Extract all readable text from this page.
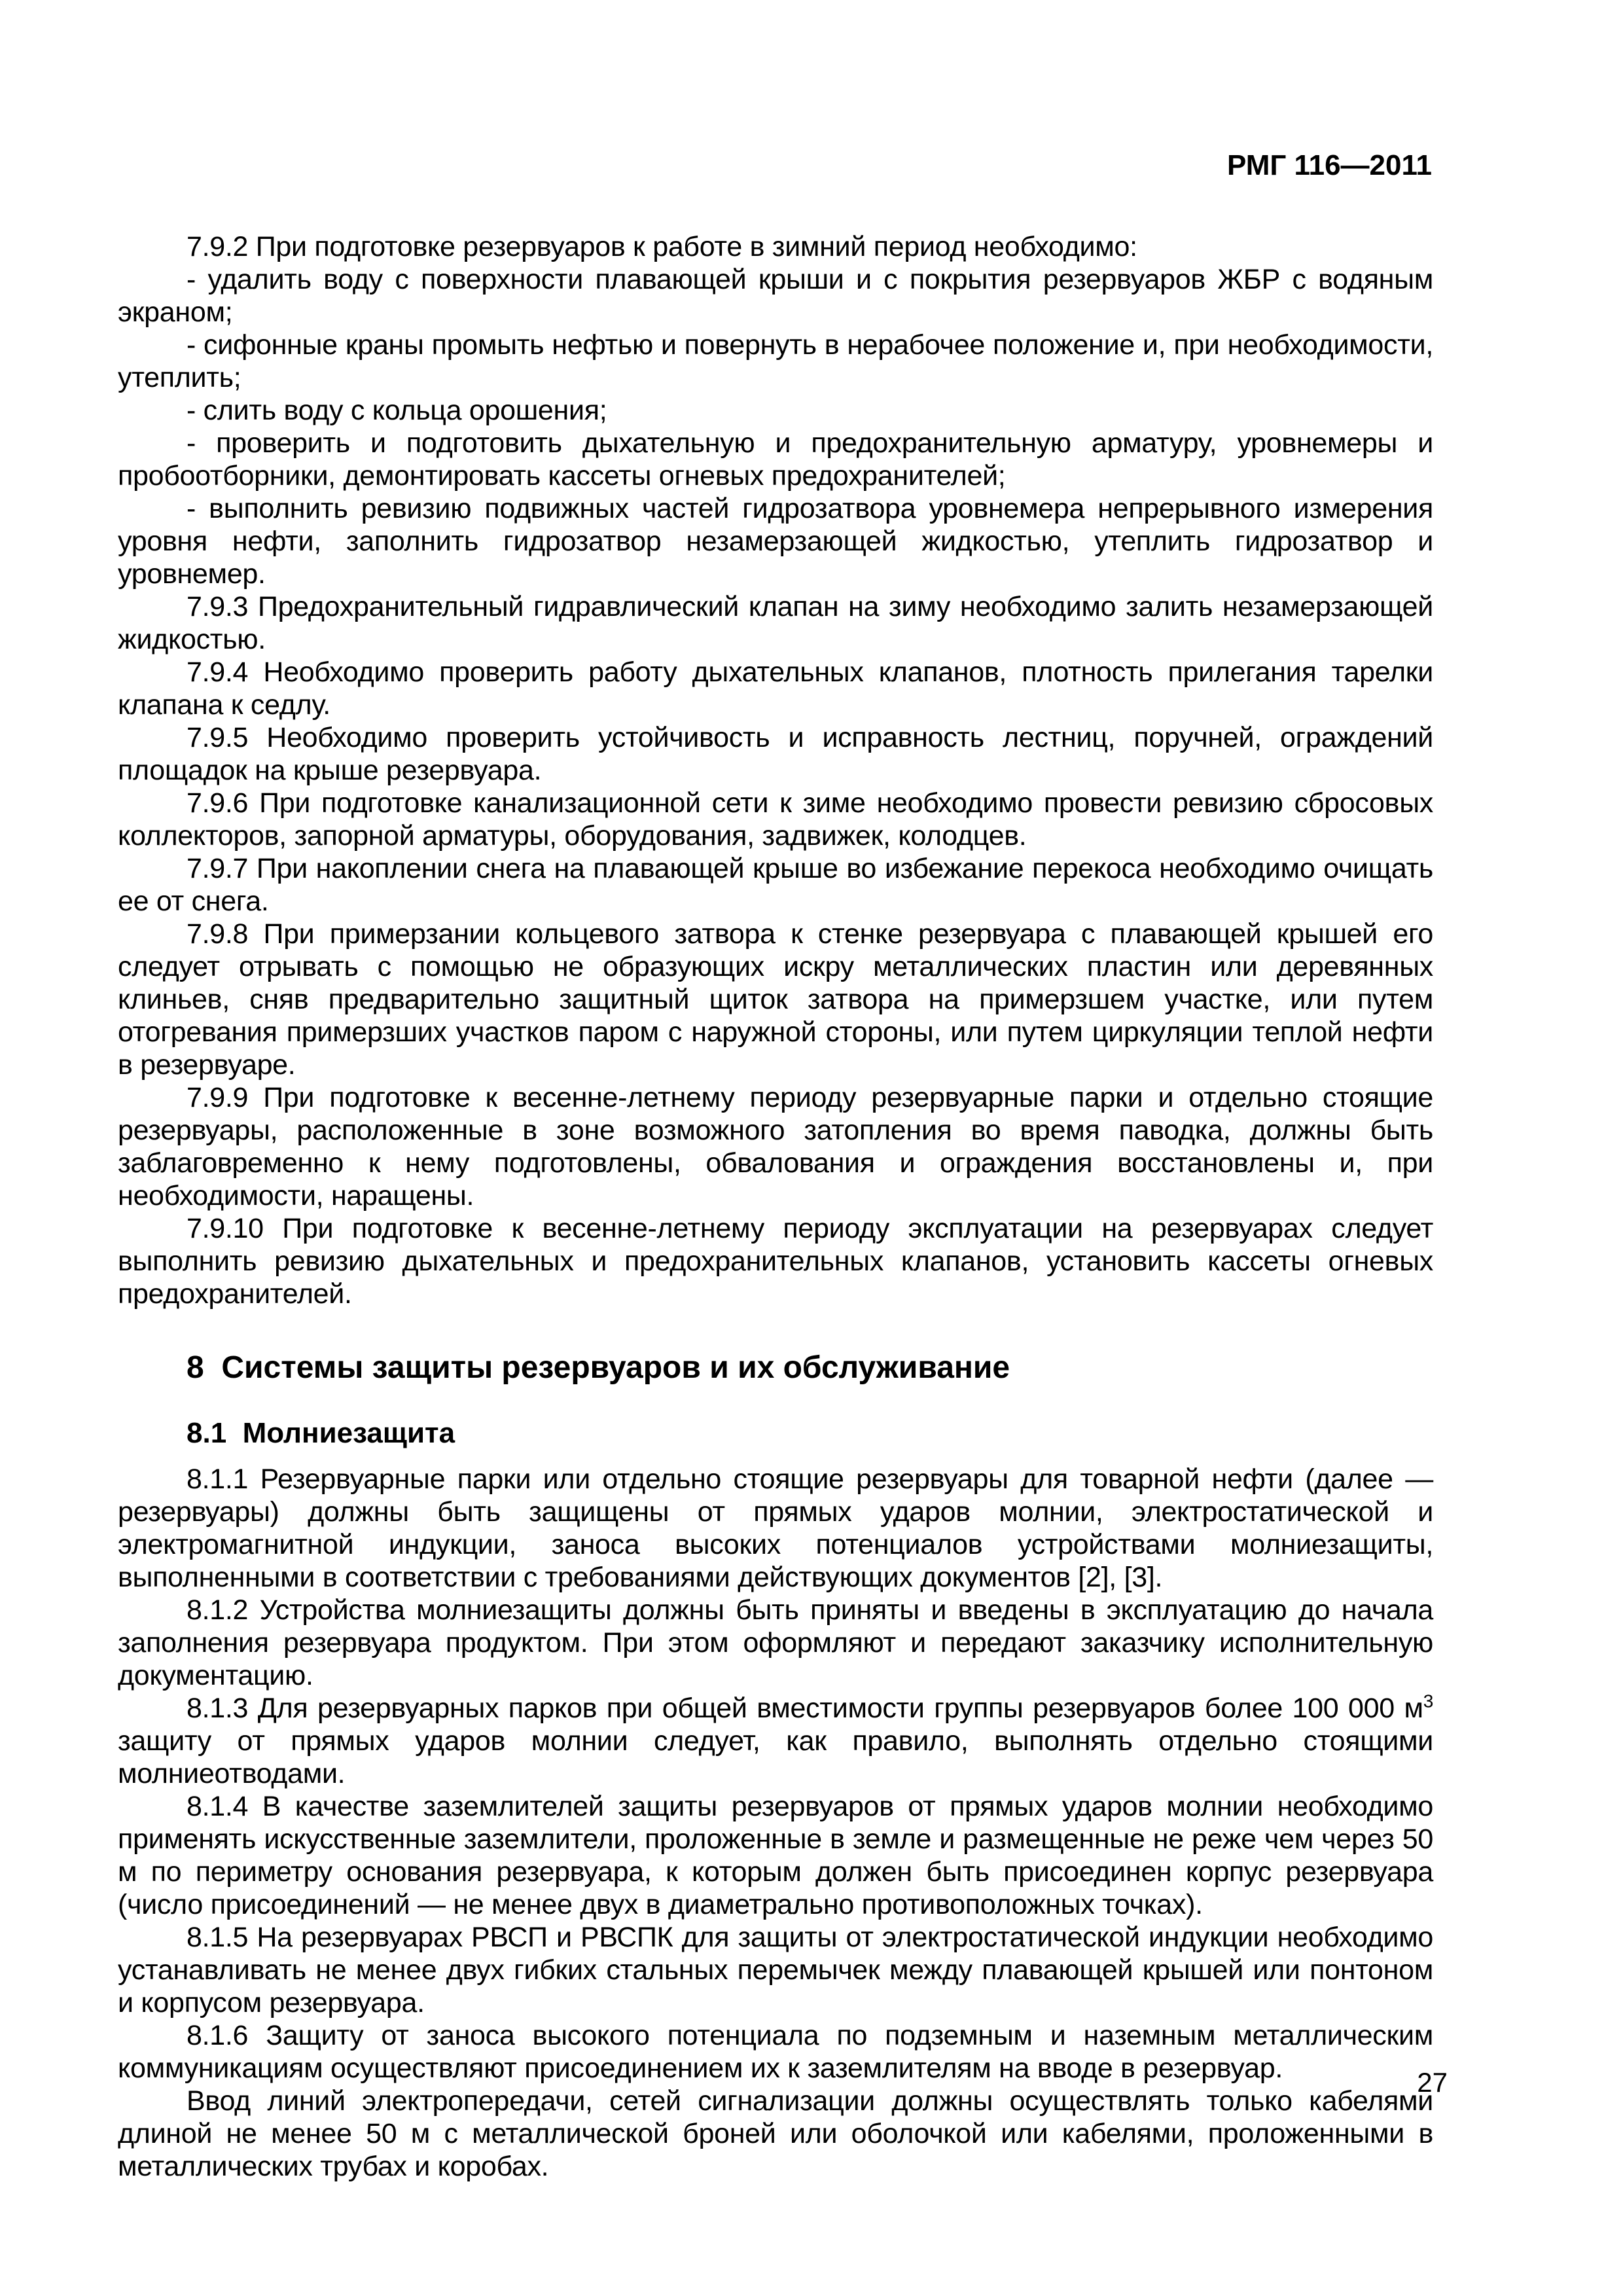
РМГ 116—2011

7.9.2 При подготовке резервуаров к работе в зимний период необходимо:

- удалить воду с поверхности плавающей крыши и с покрытия резервуаров ЖБР с водяным экраном;

- сифонные краны промыть нефтью и повернуть в нерабочее положение и, при необходимости, утеплить;

- слить воду с кольца орошения;

- проверить и подготовить дыхательную и предохранительную арматуру, уровнемеры и пробоотборники, демонтировать кассеты огневых предохранителей;

- выполнить ревизию подвижных частей гидрозатвора уровнемера непрерывного измерения уровня нефти, заполнить гидрозатвор незамерзающей жидкостью, утеплить гидрозатвор и уровнемер.

7.9.3 Предохранительный гидравлический клапан на зиму необходимо залить незамерзающей жидкостью.

7.9.4 Необходимо проверить работу дыхательных клапанов, плотность прилегания тарелки клапана к седлу.

7.9.5 Необходимо проверить устойчивость и исправность лестниц, поручней, ограждений площадок на крыше резервуара.

7.9.6 При подготовке канализационной сети к зиме необходимо провести ревизию сбросовых коллекторов, запорной арматуры, оборудования, задвижек, колодцев.

7.9.7 При накоплении снега на плавающей крыше во избежание перекоса необходимо очищать ее от снега.

7.9.8 При примерзании кольцевого затвора к стенке резервуара с плавающей крышей его следует отрывать с помощью не образующих искру металлических пластин или деревянных клиньев, сняв предварительно защитный щиток затвора на примерзшем участке, или путем отогревания примерзших участков паром с наружной стороны, или путем циркуляции теплой нефти в резервуаре.

7.9.9 При подготовке к весенне-летнему периоду резервуарные парки и отдельно стоящие резервуары, расположенные в зоне возможного затопления во время паводка, должны быть заблаговременно к нему подготовлены, обвалования и ограждения восстановлены и, при необходимости, наращены.

7.9.10 При подготовке к весенне-летнему периоду эксплуатации на резервуарах следует выполнить ревизию дыхательных и предохранительных клапанов, установить кассеты огневых предохранителей.

8  Системы защиты резервуаров и их обслуживание
8.1  Молниезащита

8.1.1 Резервуарные парки или отдельно стоящие резервуары для товарной нефти (далее — резервуары) должны быть защищены от прямых ударов молнии, электростатической и электромагнитной индукции, заноса высоких потенциалов устройствами молниезащиты, выполненными в соответствии с требованиями действующих документов [2], [3].

8.1.2 Устройства молниезащиты должны быть приняты и введены в эксплуатацию до начала заполнения резервуара продуктом. При этом оформляют и передают заказчику исполнительную документацию.

8.1.3 Для резервуарных парков при общей вместимости группы резервуаров более 100 000 $м^3$ защиту от прямых ударов молнии следует, как правило, выполнять отдельно стоящими молниеотводами.

8.1.4 В качестве заземлителей защиты резервуаров от прямых ударов молнии необходимо применять искусственные заземлители, проложенные в земле и размещенные не реже чем через 50 м по периметру основания резервуара, к которым должен быть присоединен корпус резервуара (число присоединений — не менее двух в диаметрально противоположных точках).

8.1.5 На резервуарах РВСП и РВСПК для защиты от электростатической индукции необходимо устанавливать не менее двух гибких стальных перемычек между плавающей крышей или понтоном и корпусом резервуара.

8.1.6 Защиту от заноса высокого потенциала по подземным и наземным металлическим коммуникациям осуществляют присоединением их к заземлителям на вводе в резервуар.

Ввод линий электропередачи, сетей сигнализации должны осуществлять только кабелями длиной не менее 50 м с металлической броней или оболочкой или кабелями, проложенными в металлических трубах и коробах.

27
